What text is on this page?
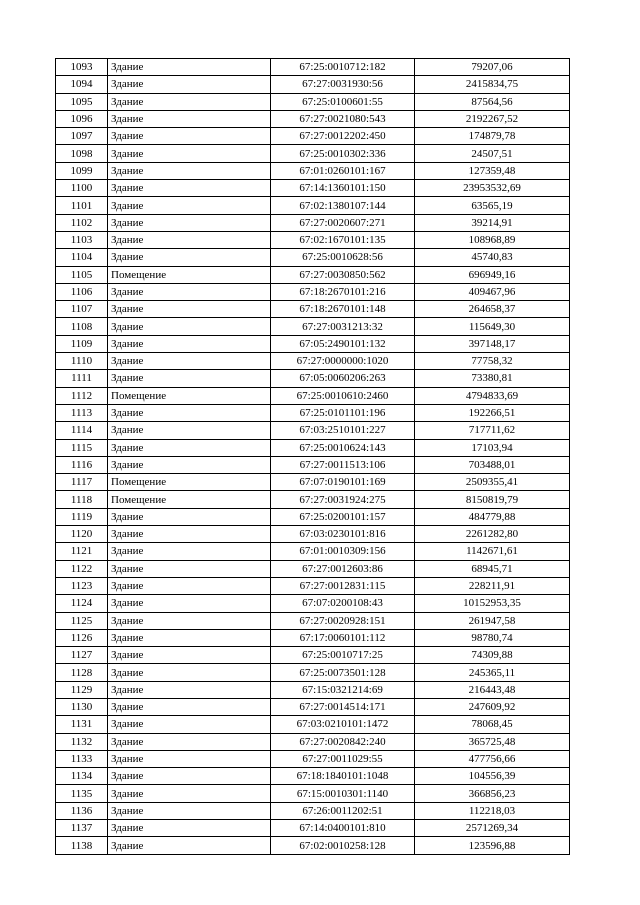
1093	Здание	67:25:0010712:182	79207,06
1094	Здание	67:27:0031930:56	2415834,75
1095	Здание	67:25:0100601:55	87564,56
1096	Здание	67:27:0021080:543	2192267,52
1097	Здание	67:27:0012202:450	174879,78
1098	Здание	67:25:0010302:336	24507,51
1099	Здание	67:01:0260101:167	127359,48
1100	Здание	67:14:1360101:150	23953532,69
1101	Здание	67:02:1380107:144	63565,19
1102	Здание	67:27:0020607:271	39214,91
1103	Здание	67:02:1670101:135	108968,89
1104	Здание	67:25:0010628:56	45740,83
1105	Помещение	67:27:0030850:562	696949,16
1106	Здание	67:18:2670101:216	409467,96
1107	Здание	67:18:2670101:148	264658,37
1108	Здание	67:27:0031213:32	115649,30
1109	Здание	67:05:2490101:132	397148,17
1110	Здание	67:27:0000000:1020	77758,32
1111	Здание	67:05:0060206:263	73380,81
1112	Помещение	67:25:0010610:2460	4794833,69
1113	Здание	67:25:0101101:196	192266,51
1114	Здание	67:03:2510101:227	717711,62
1115	Здание	67:25:0010624:143	17103,94
1116	Здание	67:27:0011513:106	703488,01
1117	Помещение	67:07:0190101:169	2509355,41
1118	Помещение	67:27:0031924:275	8150819,79
1119	Здание	67:25:0200101:157	484779,88
1120	Здание	67:03:0230101:816	2261282,80
1121	Здание	67:01:0010309:156	1142671,61
1122	Здание	67:27:0012603:86	68945,71
1123	Здание	67:27:0012831:115	228211,91
1124	Здание	67:07:0200108:43	10152953,35
1125	Здание	67:27:0020928:151	261947,58
1126	Здание	67:17:0060101:112	98780,74
1127	Здание	67:25:0010717:25	74309,88
1128	Здание	67:25:0073501:128	245365,11
1129	Здание	67:15:0321214:69	216443,48
1130	Здание	67:27:0014514:171	247609,92
1131	Здание	67:03:0210101:1472	78068,45
1132	Здание	67:27:0020842:240	365725,48
1133	Здание	67:27:0011029:55	477756,66
1134	Здание	67:18:1840101:1048	104556,39
1135	Здание	67:15:0010301:1140	366856,23
1136	Здание	67:26:0011202:51	112218,03
1137	Здание	67:14:0400101:810	2571269,34
1138	Здание	67:02:0010258:128	123596,88
